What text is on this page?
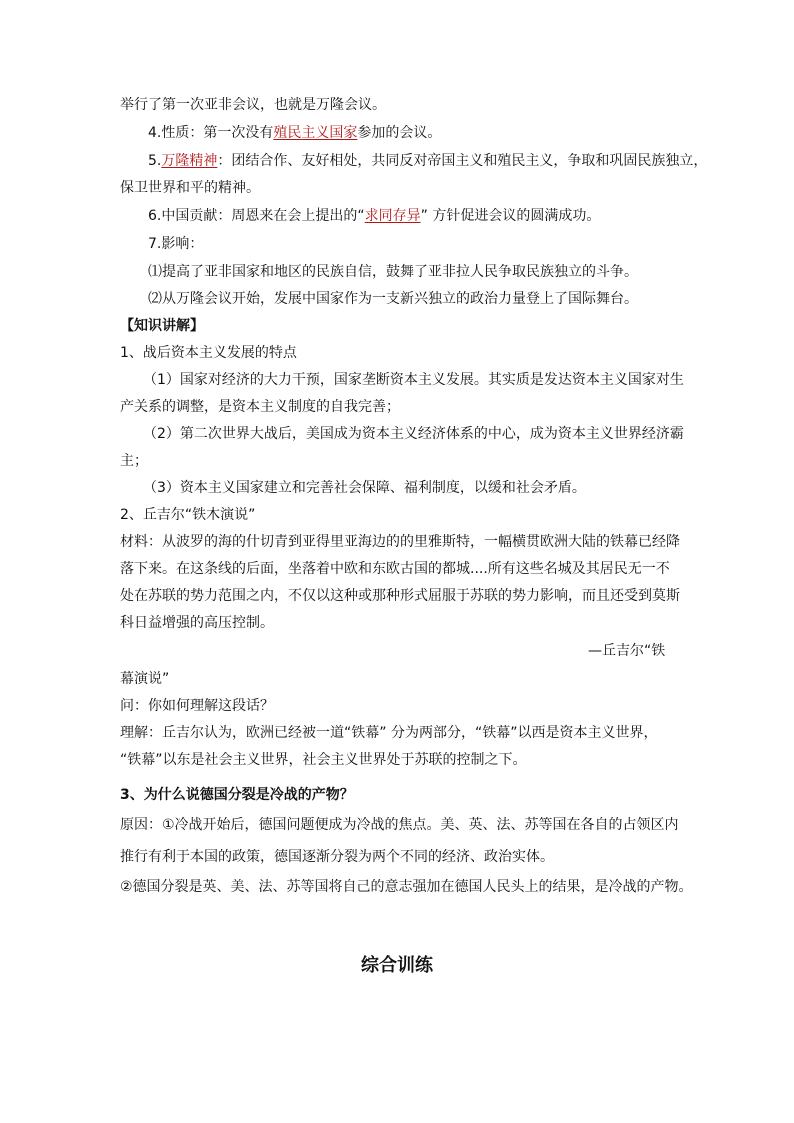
举行了第一次亚非会议，也就是万隆会议。
4.性质：第一次没有殖民主义国家参加的会议。
5.万隆精神：团结合作、友好相处，共同反对帝国主义和殖民主义，争取和巩固民族独立，
保卫世界和平的精神。
6.中国贡献：周恩来在会上提出的“求同存异” 方针促进会议的圆满成功。
7.影响：
⑴提高了亚非国家和地区的民族自信，鼓舞了亚非拉人民争取民族独立的斗争。
⑵从万隆会议开始，发展中国家作为一支新兴独立的政治力量登上了国际舞台。
【知识讲解】
1、战后资本主义发展的特点
（1）国家对经济的大力干预，国家垄断资本主义发展。其实质是发达资本主义国家对生
产关系的调整，是资本主义制度的自我完善；
（2）第二次世界大战后，美国成为资本主义经济体系的中心，成为资本主义世界经济霸
主；
（3）资本主义国家建立和完善社会保障、福利制度，以缓和社会矛盾。
2、丘吉尔“铁木演说”
材料：从波罗的海的什切青到亚得里亚海边的的里雅斯特，一幅横贯欧洲大陆的铁幕已经降
落下来。在这条线的后面，坐落着中欧和东欧古国的都城....所有这些名城及其居民无一不
处在苏联的势力范围之内，不仅以这种或那种形式屈服于苏联的势力影响，而且还受到莫斯
科日益增强的高压控制。
—丘吉尔“铁
幕演说”
问：你如何理解这段话？
理解：丘吉尔认为，欧洲已经被一道“铁幕” 分为两部分，“铁幕”以西是资本主义世界，
“铁幕”以东是社会主义世界，社会主义世界处于苏联的控制之下。
3、为什么说德国分裂是冷战的产物？
原因：①冷战开始后，德国问题便成为冷战的焦点。美、英、法、苏等国在各自的占领区内
推行有利于本国的政策，德国逐渐分裂为两个不同的经济、政治实体。
②德国分裂是英、美、法、苏等国将自己的意志强加在德国人民头上的结果，是冷战的产物。
综合训练
